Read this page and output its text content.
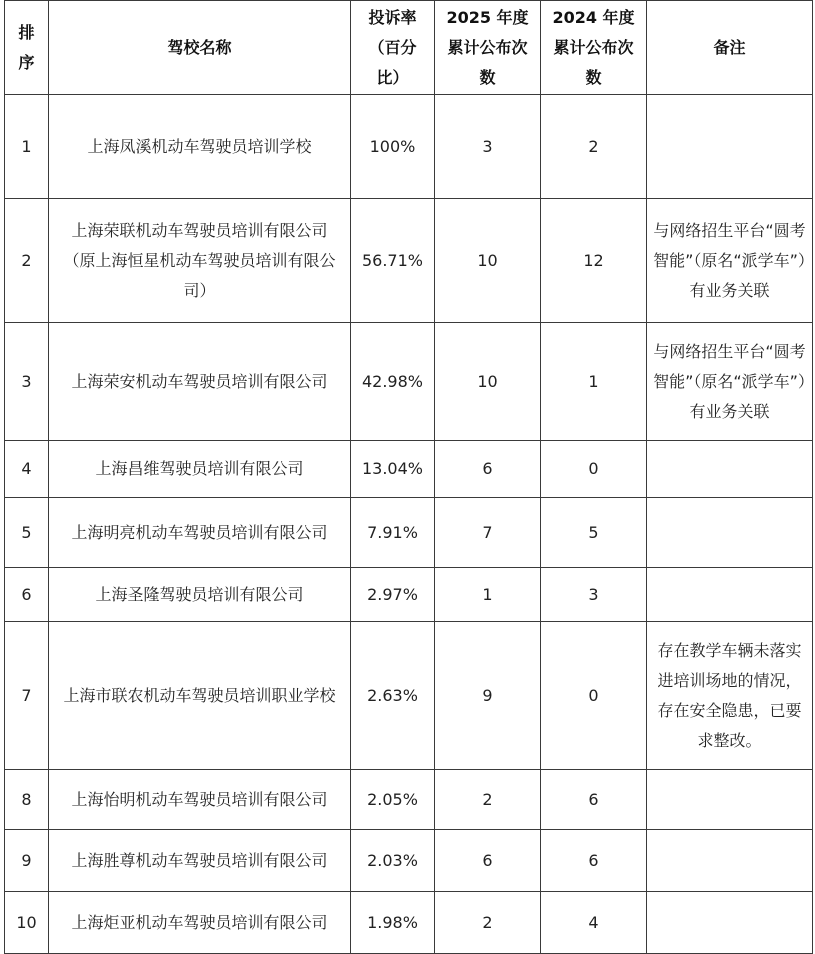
排序	驾校名称	投诉率（百分比）	2025 年度累计公布次数	2024 年度累计公布次数	备注

1	上海凤溪机动车驾驶员培训学校	100%	3	2	
2	上海荣联机动车驾驶员培训有限公司（原上海恒星机动车驾驶员培训有限公司）	56.71%	10	12	与网络招生平台“圆考智能”（原名“派学车”）有业务关联
3	上海荣安机动车驾驶员培训有限公司	42.98%	10	1	与网络招生平台“圆考智能”（原名“派学车”）有业务关联
4	上海昌维驾驶员培训有限公司	13.04%	6	0	
5	上海明亮机动车驾驶员培训有限公司	7.91%	7	5	
6	上海圣隆驾驶员培训有限公司	2.97%	1	3	
7	上海市联农机动车驾驶员培训职业学校	2.63%	9	0	存在教学车辆未落实进培训场地的情况，存在安全隐患，已要求整改。
8	上海怡明机动车驾驶员培训有限公司	2.05%	2	6	
9	上海胜尊机动车驾驶员培训有限公司	2.03%	6	6	
10	上海炬亚机动车驾驶员培训有限公司	1.98%	2	4	
